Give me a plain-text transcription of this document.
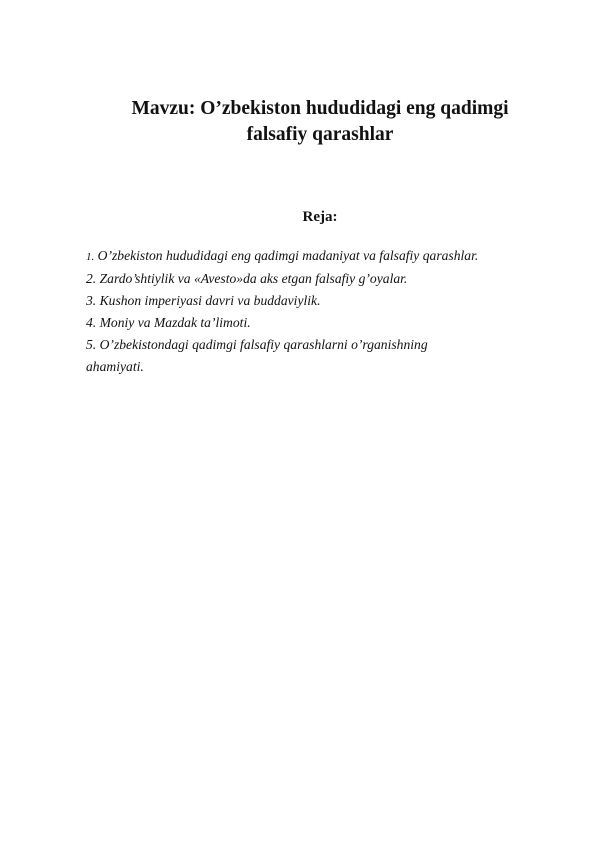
Mavzu: O’zbekiston hududidagi eng qadimgi
falsafiy qarashlar
Reja:
1. O’zbekiston hududidagi eng qadimgi madaniyat va falsafiy qarashlar.
2. Zardo’shtiylik va «Avesto»da aks etgan falsafiy g’oyalar.
3. Kushon imperiyasi davri va buddaviylik.
4. Moniy va Mazdak ta’limoti.
5. O’zbekistondagi qadimgi falsafiy qarashlarni o’rganishning
ahamiyati.
